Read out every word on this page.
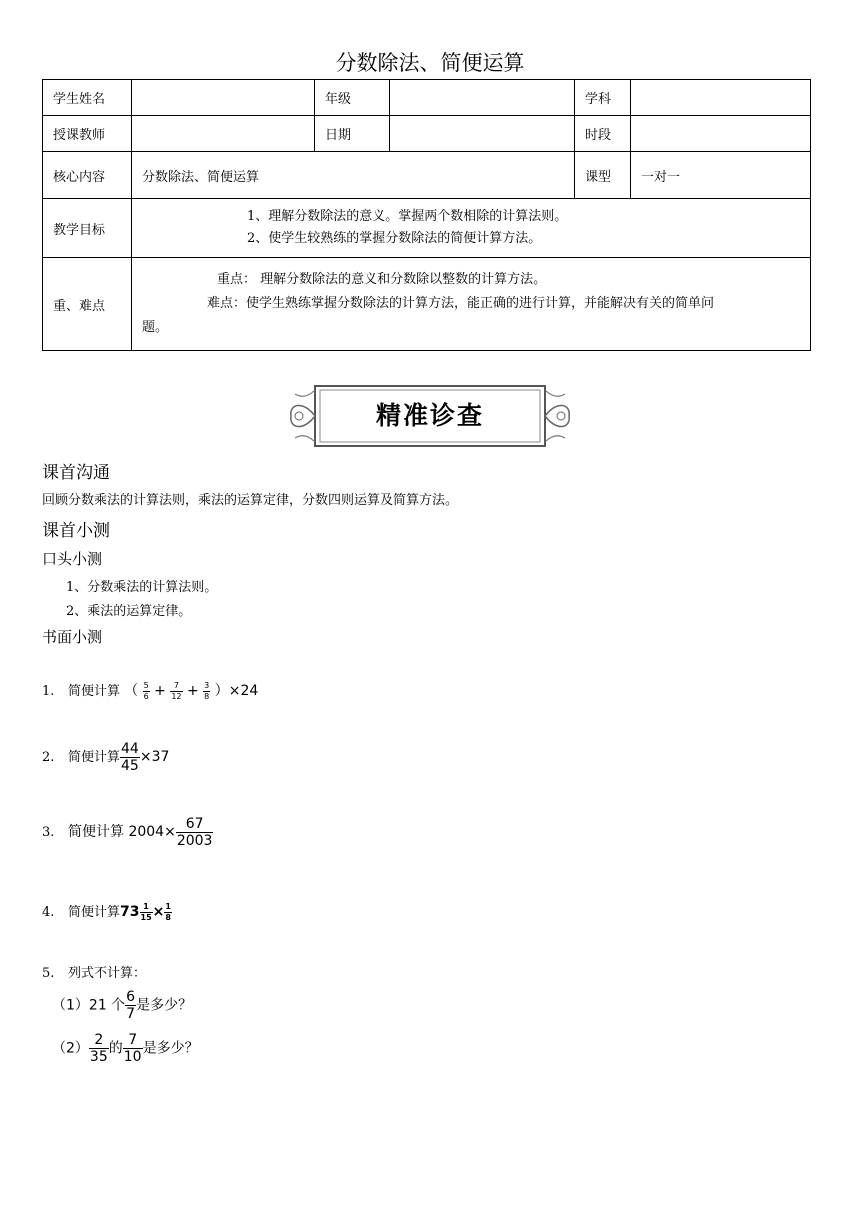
分数除法、简便运算
学生姓名		年级		学科	
授课教师		日期		时段	
核心内容	分数除法、简便运算			课型	一对一
教学目标	1、理解分数除法的意义。掌握两个数相除的计算法则。
2、使学生较熟练的掌握分数除法的简便计算方法。				

重、难点	重点： 理解分数除法的意义和分数除以整数的计算方法。
难点：使学生熟练掌握分数除法的计算方法，能正确的进行计算，并能解决有关的简单问
题。				
精准诊查
课首沟通
回顾分数乘法的计算法则，乘法的运算定律，分数四则运算及简算方法。
课首小测
口头小测
1、分数乘法的计算法则。
2、乘法的运算定律。
书面小测
1. 简便计算 （ $\frac{5}{6} + \frac{7}{12} + \frac{3}{8} )\times 24$
2. 简便计算 $\frac{44}{45} \times 37$
3. 简便计算 $2004\times \frac{67}{2003}$
4. 简便计算$73 \frac{1}{15} \times \frac{1}{8}$
5. 列式不计算：
（1）21 个 $\frac{6}{7}$ 是多少？
$(2) \frac{2}{35}$ 的 $\frac{7}{10}$ 是多少？
